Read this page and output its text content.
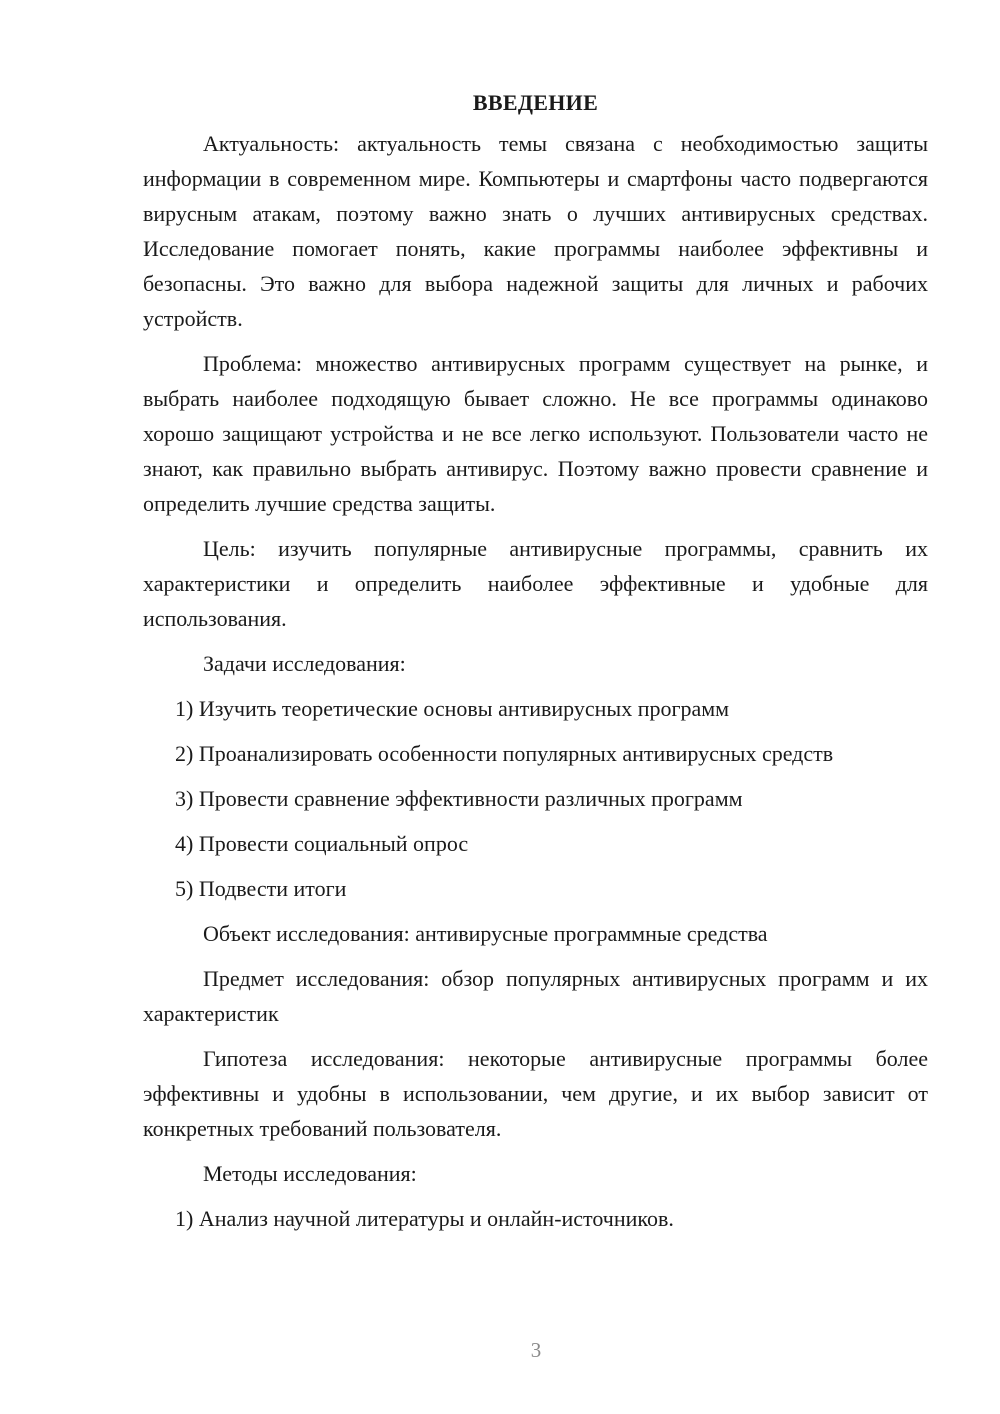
ВВЕДЕНИЕ

Актуальность: актуальность темы связана с необходимостью защиты информации в современном мире. Компьютеры и смартфоны часто подвергаются вирусным атакам, поэтому важно знать о лучших антивирусных средствах. Исследование помогает понять, какие программы наиболее эффективны и безопасны. Это важно для выбора надежной защиты для личных и рабочих устройств.

Проблема: множество антивирусных программ существует на рынке, и выбрать наиболее подходящую бывает сложно. Не все программы одинаково хорошо защищают устройства и не все легко используют. Пользователи часто не знают, как правильно выбрать антивирус. Поэтому важно провести сравнение и определить лучшие средства защиты.

Цель: изучить популярные антивирусные программы, сравнить их характеристики и определить наиболее эффективные и удобные для использования.

Задачи исследования:

1) Изучить теоретические основы антивирусных программ
2) Проанализировать особенности популярных антивирусных средств
3) Провести сравнение эффективности различных программ
4) Провести социальный опрос
5) Подвести итоги

Объект исследования: антивирусные программные средства

Предмет исследования: обзор популярных антивирусных программ и их характеристик

Гипотеза исследования: некоторые антивирусные программы более эффективны и удобны в использовании, чем другие, и их выбор зависит от конкретных требований пользователя.

Методы исследования:

1) Анализ научной литературы и онлайн-источников.
3
